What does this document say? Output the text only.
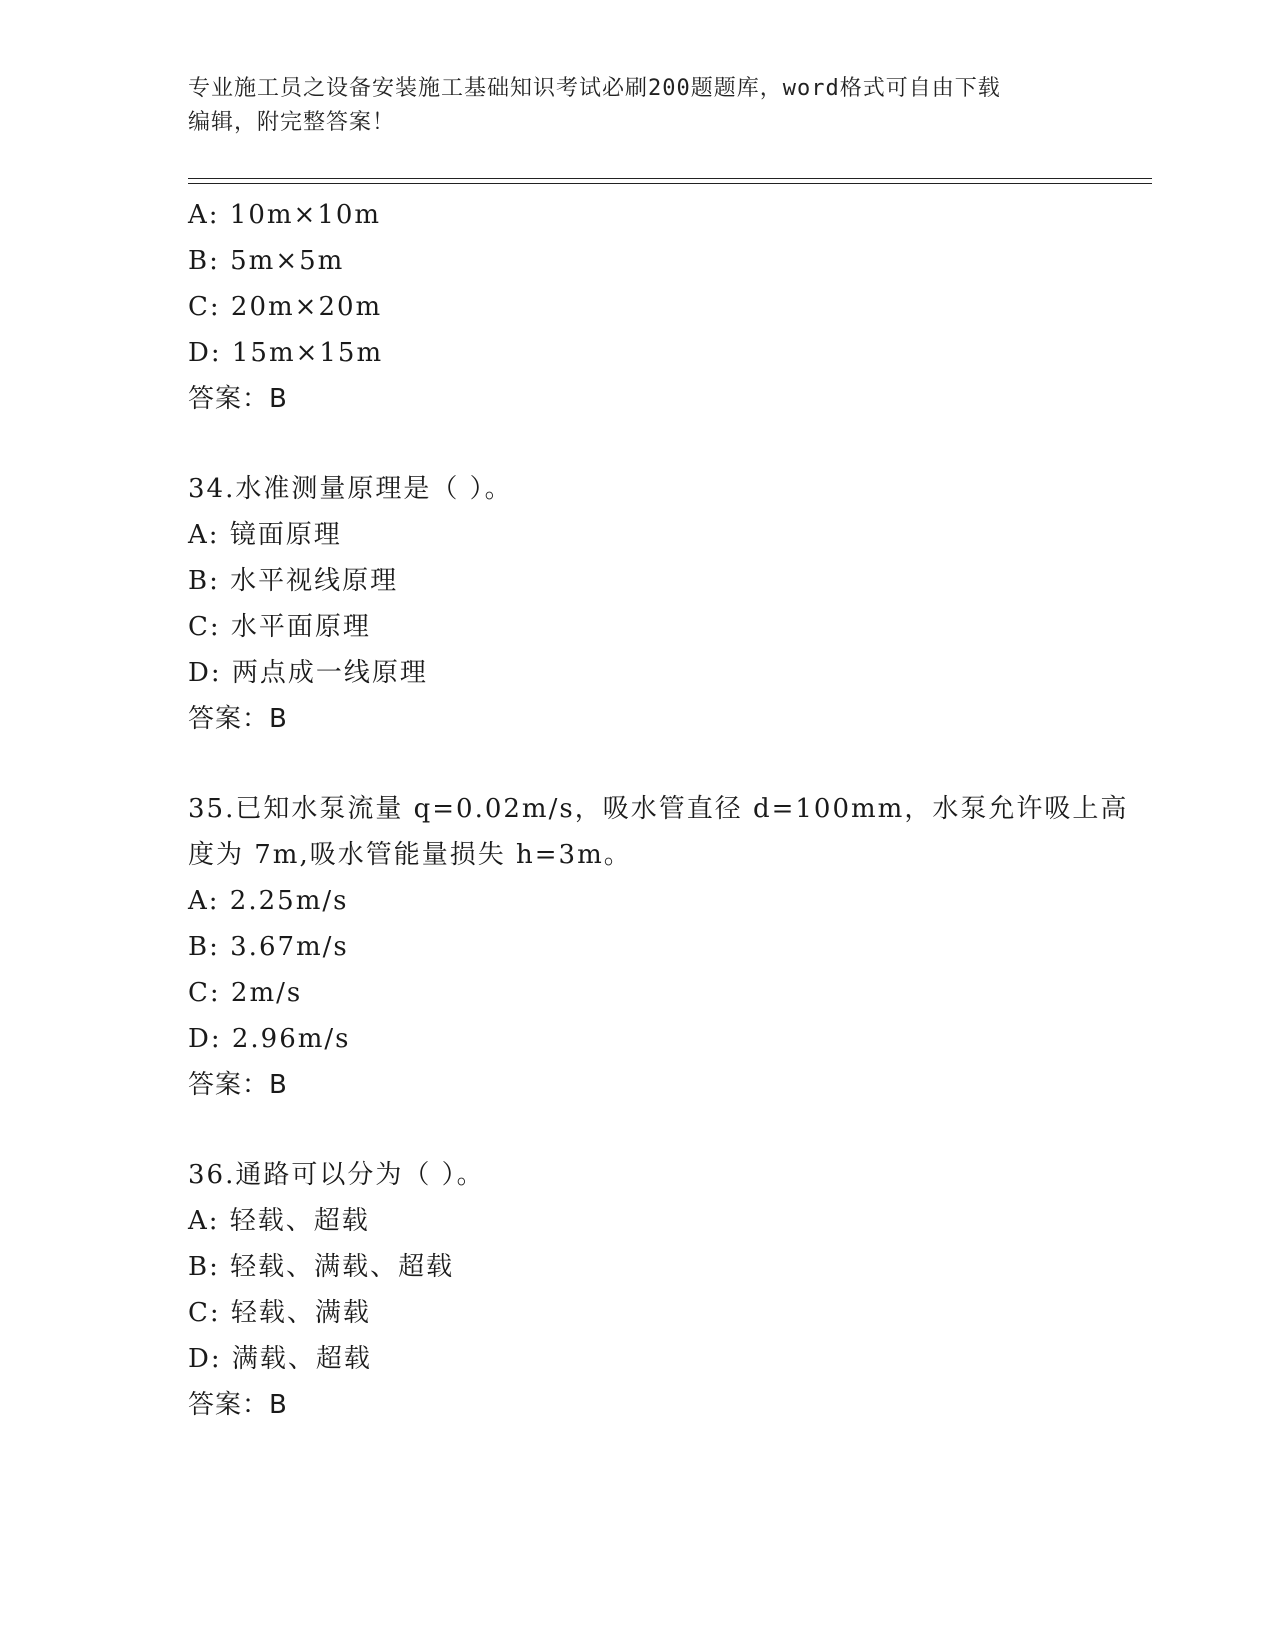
专业施工员之设备安装施工基础知识考试必刷200题题库，word格式可自由下载
编辑，附完整答案！
A: 10m×10m
B: 5m×5m
C: 20m×20m
D: 15m×15m
答案：B
34.水准测量原理是（ ）。
A: 镜面原理
B: 水平视线原理
C: 水平面原理
D: 两点成一线原理
答案：B
35.已知水泵流量 q=0.02m/s，吸水管直径 d=100mm，水泵允许吸上高
度为 7m,吸水管能量损失 h=3m。
A: 2.25m/s
B: 3.67m/s
C: 2m/s
D: 2.96m/s
答案：B
36.通路可以分为（ ）。
A: 轻载、超载
B: 轻载、满载、超载
C: 轻载、满载
D: 满载、超载
答案：B
